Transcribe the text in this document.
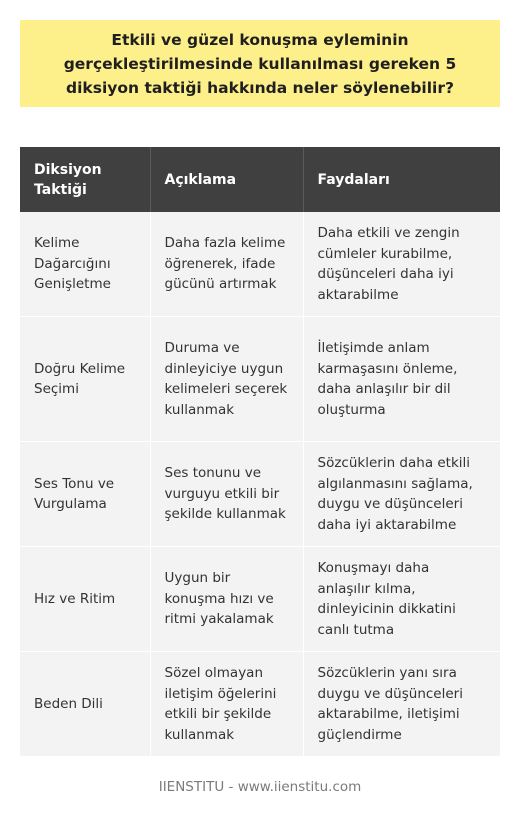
Etkili ve güzel konuşma eyleminin gerçekleştirilmesinde kullanılması gereken 5 diksiyon taktiği hakkında neler söylenebilir?
Diksiyon Taktiği	Açıklama	Faydaları
Kelime Dağarcığını Genişletme	Daha fazla kelime öğrenerek, ifade gücünü artırmak	Daha etkili ve zengin cümleler kurabilme, düşünceleri daha iyi aktarabilme
Doğru Kelime Seçimi	Duruma ve dinleyiciye uygun kelimeleri seçerek kullanmak	İletişimde anlam karmaşasını önleme, daha anlaşılır bir dil oluşturma
Ses Tonu ve Vurgulama	Ses tonunu ve vurguyu etkili bir şekilde kullanmak	Sözcüklerin daha etkili algılanmasını sağlama, duygu ve düşünceleri daha iyi aktarabilme
Hız ve Ritim	Uygun bir konuşma hızı ve ritmi yakalamak	Konuşmayı daha anlaşılır kılma, dinleyicinin dikkatini canlı tutma
Beden Dili	Sözel olmayan iletişim öğelerini etkili bir şekilde kullanmak	Sözcüklerin yanı sıra duygu ve düşünceleri aktarabilme, iletişimi güçlendirme
IIENSTITU - www.iienstitu.com
